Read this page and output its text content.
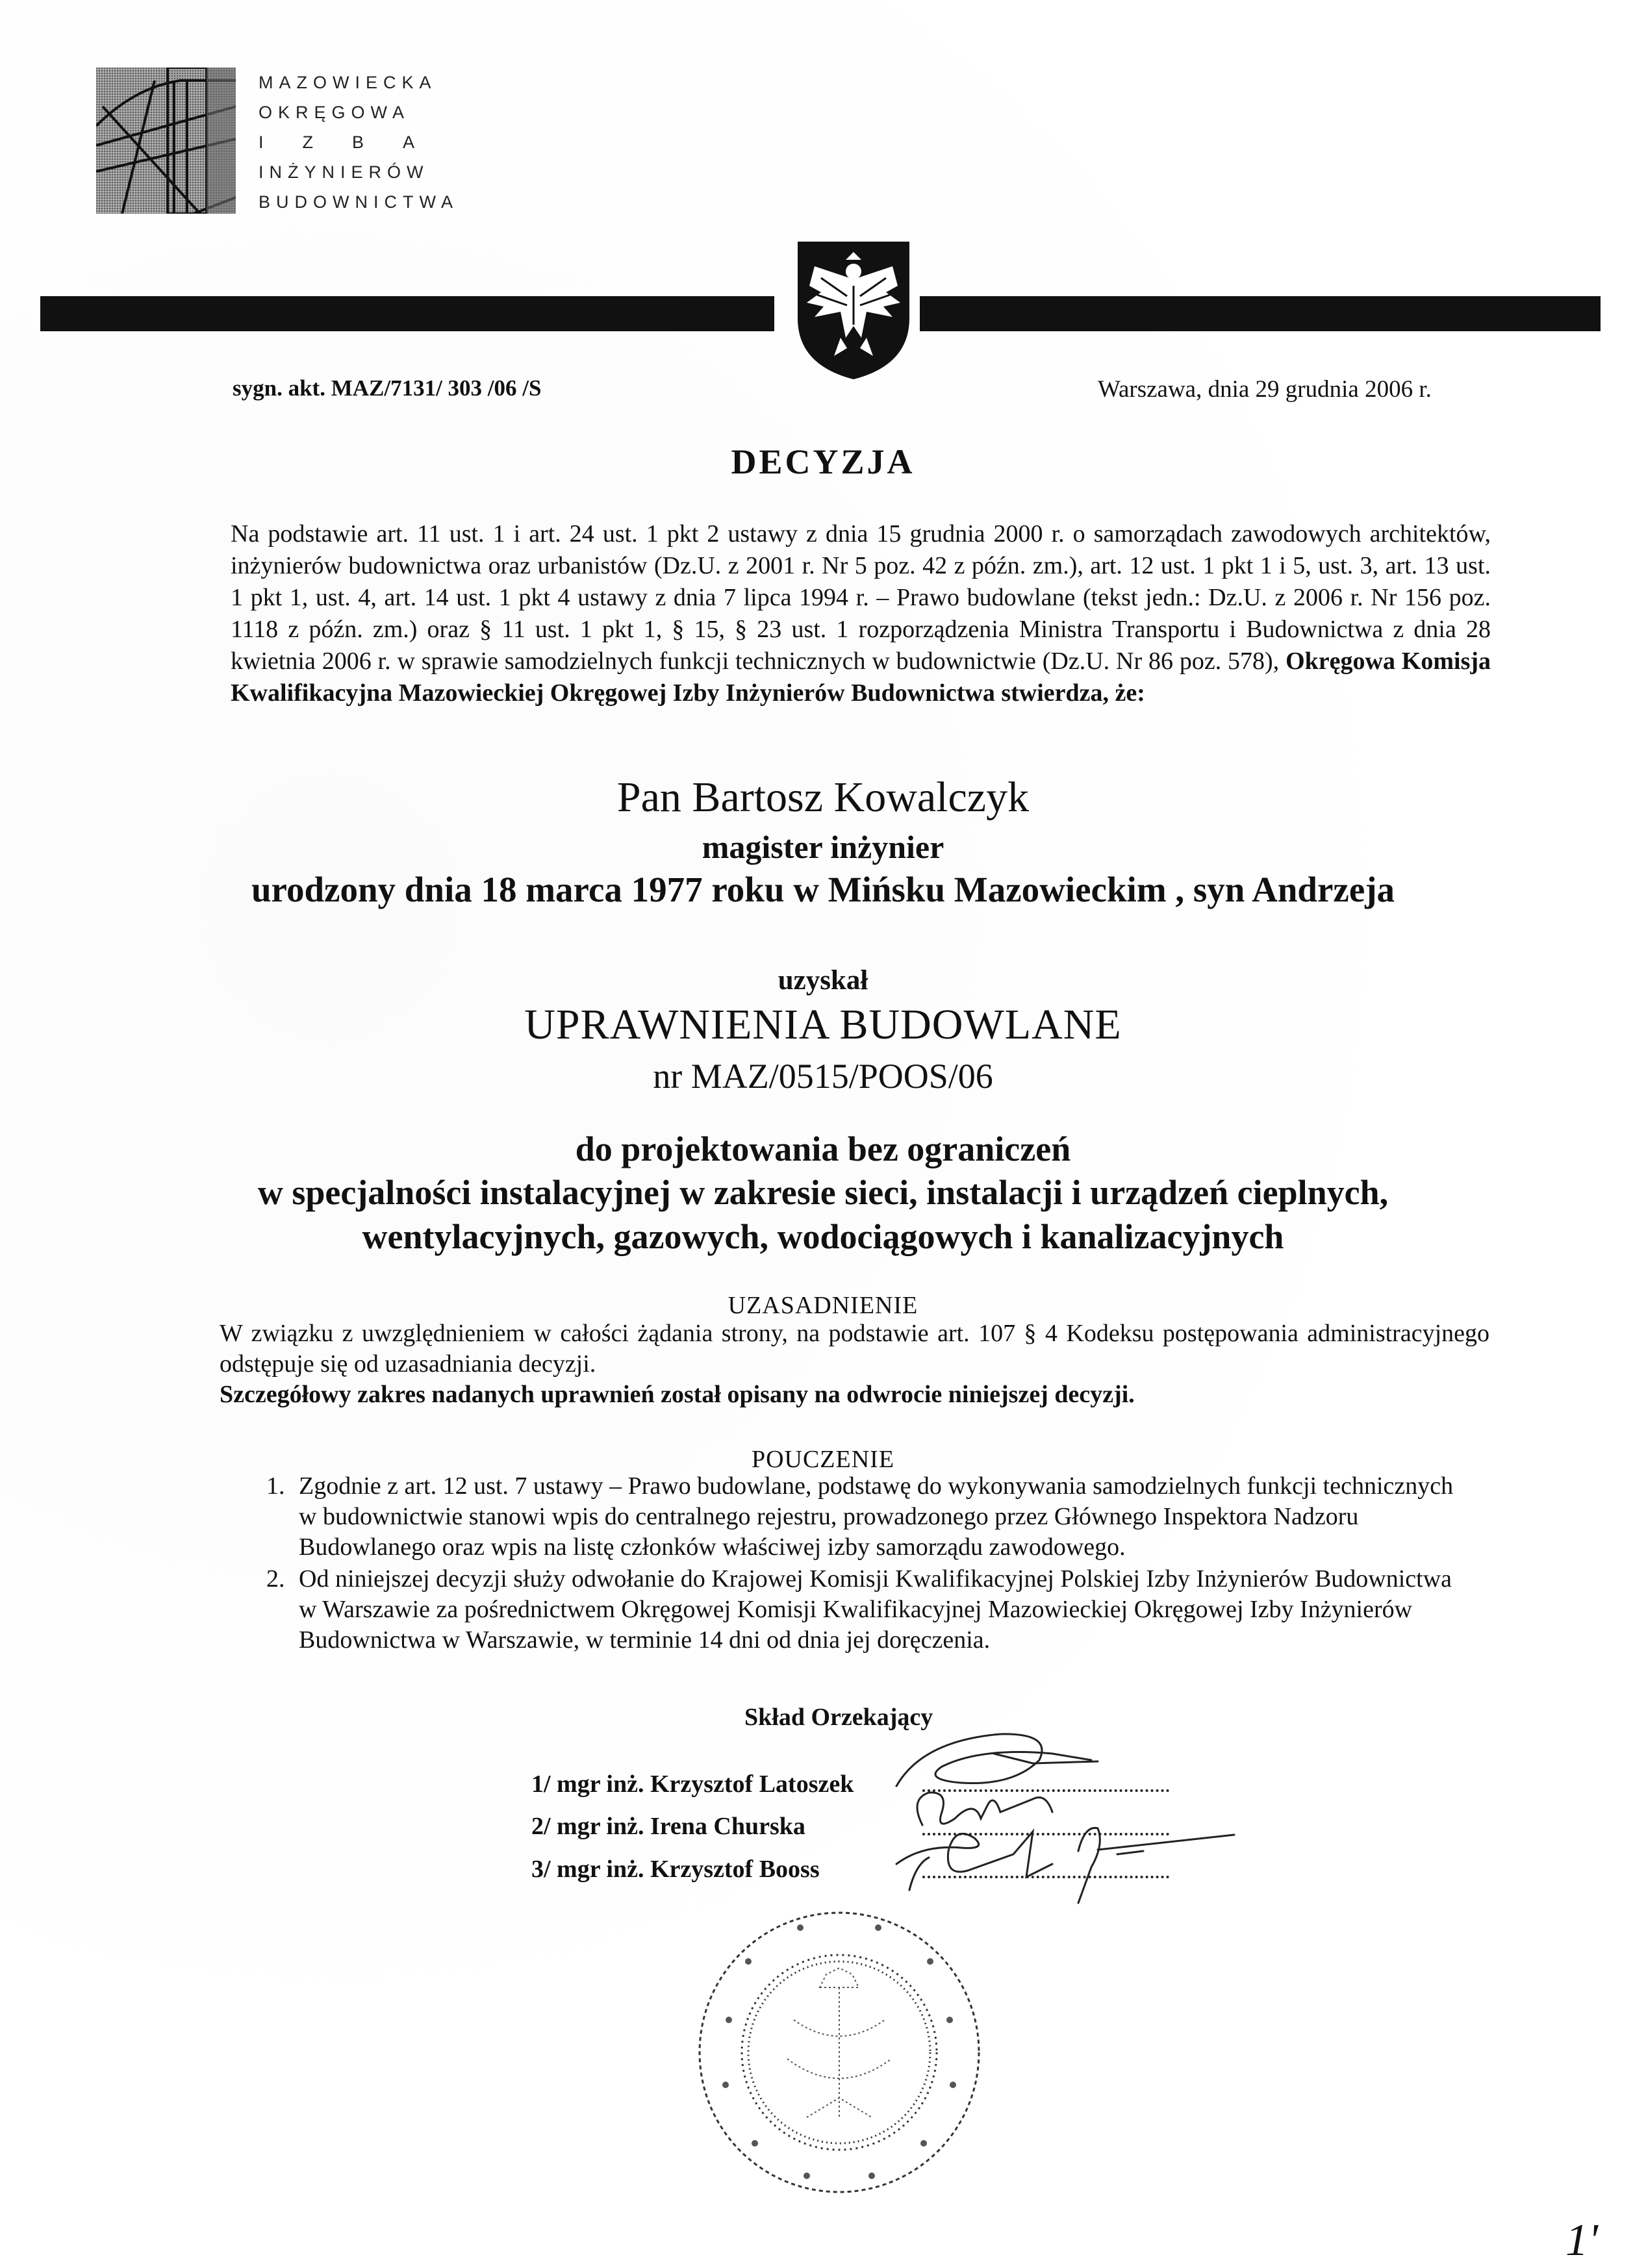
MAZOWIECKA
OKRĘGOWA
I Z B A
INŻYNIERÓW
BUDOWNICTWA
sygn. akt. MAZ/7131/ 303 /06 /S	Warszawa, dnia 29 grudnia 2006 r.
DECYZJA
Na podstawie art. 11 ust. 1 i art. 24 ust. 1 pkt 2 ustawy z dnia 15 grudnia 2000 r. o samorządach zawodowych architektów, inżynierów budownictwa oraz urbanistów (Dz.U. z 2001 r. Nr 5 poz. 42 z późn. zm.), art. 12 ust. 1 pkt 1 i 5, ust. 3, art. 13 ust. 1 pkt 1, ust. 4, art. 14 ust. 1 pkt 4 ustawy z dnia 7 lipca 1994 r. – Prawo budowlane (tekst jedn.: Dz.U. z 2006 r. Nr 156 poz. 1118 z późn. zm.) oraz § 11 ust. 1 pkt 1, § 15, § 23 ust. 1 rozporządzenia Ministra Transportu i Budownictwa z dnia 28 kwietnia 2006 r. w sprawie samodzielnych funkcji technicznych w budownictwie (Dz.U. Nr 86 poz. 578), Okręgowa Komisja Kwalifikacyjna Mazowieckiej Okręgowej Izby Inżynierów Budownictwa stwierdza, że:
Pan Bartosz Kowalczyk
magister inżynier
urodzony dnia 18 marca 1977 roku w Mińsku Mazowieckim , syn Andrzeja
uzyskał
UPRAWNIENIA BUDOWLANE
nr MAZ/0515/POOS/06
do projektowania bez ograniczeń
w specjalności instalacyjnej w zakresie sieci, instalacji i urządzeń cieplnych,
wentylacyjnych, gazowych, wodociągowych i kanalizacyjnych
UZASADNIENIE
W związku z uwzględnieniem w całości żądania strony, na podstawie art. 107 § 4 Kodeksu postępowania administracyjnego odstępuje się od uzasadniania decyzji.
Szczegółowy zakres nadanych uprawnień został opisany na odwrocie niniejszej decyzji.
POUCZENIE
1. Zgodnie z art. 12 ust. 7 ustawy – Prawo budowlane, podstawę do wykonywania samodzielnych funkcji technicznych w budownictwie stanowi wpis do centralnego rejestru, prowadzonego przez Głównego Inspektora Nadzoru Budowlanego oraz wpis na listę członków właściwej izby samorządu zawodowego.
2. Od niniejszej decyzji służy odwołanie do Krajowej Komisji Kwalifikacyjnej Polskiej Izby Inżynierów Budownictwa w Warszawie za pośrednictwem Okręgowej Komisji Kwalifikacyjnej Mazowieckiej Okręgowej Izby Inżynierów Budownictwa w Warszawie, w terminie 14 dni od dnia jej doręczenia.
Skład Orzekający
1/ mgr inż. Krzysztof Latoszek
2/ mgr inż. Irena Churska
3/ mgr inż. Krzysztof Booss
1'
